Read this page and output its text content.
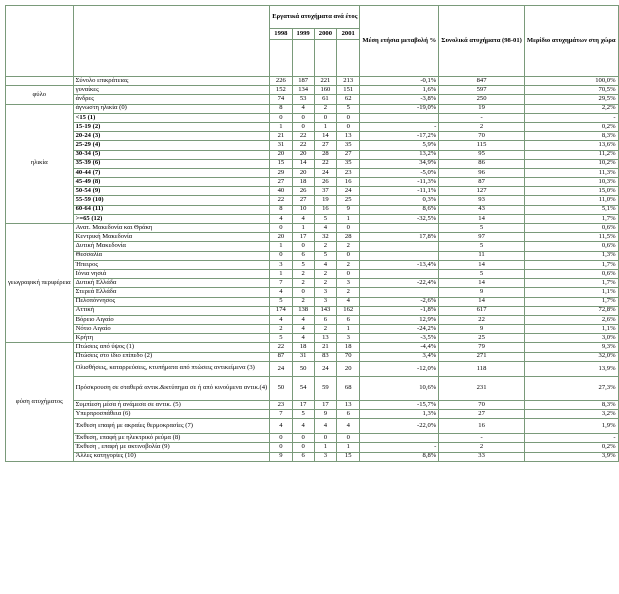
		Εργατικά ατυχήματα ανά έτος				Μέση ετήσια μεταβολή %	Συνολικά ατυχήματα (98-01)	Μερίδιο ατυχημάτων στη χώρα
		1998	1999	2000	2001			

	Σύνολο επικράτειας	226	187	221	213	-0,1%	847	100,0%
φύλο	γυναίκες	152	134	160	151	1,6%	597	70,5%
	άνδρες	74	53	61	62	-3,8%	250	29,5%
ηλικία	άγνωστη ηλικία (0)	8	4	2	5	-19,0%	19	2,2%
	<15 (1)	0	0	0	0		-	-
	15-19 (2)	1	0	1	0	-	2	0,2%
	20-24 (3)	21	22	14	13	-17,2%	70	8,3%
	25-29 (4)	31	22	27	35	5,9%	115	13,6%
	30-34 (5)	20	20	28	27	13,2%	95	11,2%
	35-39 (6)	15	14	22	35	34,9%	86	10,2%
	40-44 (7)	29	20	24	23	-5,0%	96	11,3%
	45-49 (8)	27	18	26	16	-11,3%	87	10,3%
	50-54 (9)	40	26	37	24	-11,1%	127	15,0%
	55-59 (10)	22	27	19	25	0,3%	93	11,0%
	60-64 (11)	8	10	16	9	8,6%	43	5,1%
	>=65 (12)	4	4	5	1	-32,5%	14	1,7%
γεωγραφική περιφέρεια	Ανατ. Μακεδονία και Θράκη	0	1	4	0		5	0,6%
	Κεντρική Μακεδονία	20	17	32	28	17,8%	97	11,5%
	Δυτική Μακεδονία	1	0	2	2		5	0,6%
	Θεσσαλία	0	6	5	0		11	1,3%
	Ήπειρος	3	5	4	2	-13,4%	14	1,7%
	Ιόνια νησιά	1	2	2	0		5	0,6%
	Δυτική Ελλάδα	7	2	2	3	-22,4%	14	1,7%
	Στερεά Ελλάδα	4	0	3	2		9	1,1%
	Πελοπόννησος	5	2	3	4	-2,6%	14	1,7%
	Αττική	174	138	143	162	-1,8%	617	72,8%
	Βόρειο Αιγαίο	4	4	6	6	12,9%	22	2,6%
	Νότιο Αιγαίο	2	4	2	1	-24,2%	9	1,1%
	Κρήτη	5	4	13	3	-3,5%	25	3,0%
φύση ατυχήματος	Πτώσεις από ύψος (1)	22	18	21	18	-4,4%	79	9,3%
	Πτώσεις στο ίδιο επίπεδο (2)	87	31	83	70	3,4%	271	32,0%
	Ολισθήσεις, καταρρεύσεις, κτυπήματα από πτώσεις αντικείμενα (3)	24	50	24	20	-12,0%	118	13,9%
	Πρόσκρουση σε σταθερά αντικ.&κτύπημα σε ή από κινούμενα αντικ.(4)	50	54	59	68	10,6%	231	27,3%
	Συμπίεση μέσα ή ανάμεσα σε αντικ. (5)	23	17	17	13	-15,7%	70	8,3%
	Υπερπροσπάθεια (6)	7	5	9	6	1,3%	27	3,2%
	Έκθεση επαφή με ακραίες θερμοκρασίες (7)	4	4	4	4	-22,0%	16	1,9%
	Έκθεση, επαφή με ηλεκτρικό ρεύμα (8)	0	0	0	0		-	-
	Έκθεση , επαφή με ακτινοβολία (9)	0	0	1	1	-	2	0,2%
	Άλλες κατηγορίες (10)	9	6	3	15	8,8%	33	3,9%
